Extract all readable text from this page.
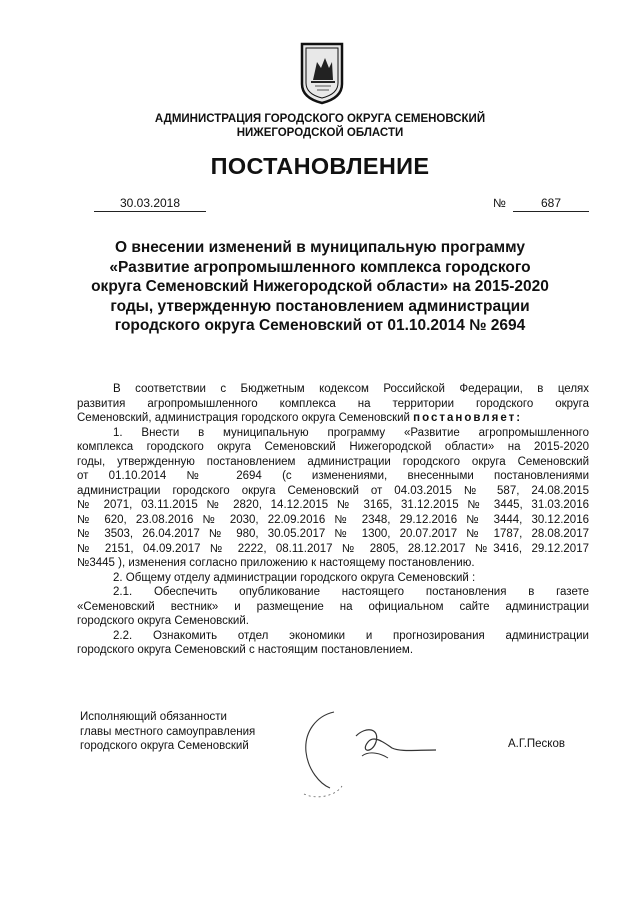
АДМИНИСТРАЦИЯ ГОРОДСКОГО ОКРУГА СЕМЕНОВСКИЙ
НИЖЕГОРОДСКОЙ ОБЛАСТИ
ПОСТАНОВЛЕНИЕ
30.03.2018	№	687
О внесении изменений в муниципальную программу
«Развитие агропромышленного комплекса городского
округа Семеновский Нижегородской области» на 2015-2020
годы, утвержденную постановлением администрации
городского округа Семеновский от 01.10.2014 № 2694

В соответствии с Бюджетным кодексом Российской Федерации, в целях

развития агропромышленного комплекса на территории городского округа

Семеновский, администрация городского округа Семеновский постановляет:

1. Внести в муниципальную программу «Развитие агропромышленного

комплекса городского округа Семеновский Нижегородской области» на 2015-2020

годы, утвержденную постановлением администрации городского округа Семеновский

от 01.10.2014 № 2694 (с изменениями, внесенными постановлениями

администрации городского округа Семеновский от 04.03.2015 № 587, 24.08.2015

№ 2071, 03.11.2015 № 2820, 14.12.2015 № 3165, 31.12.2015 № 3445, 31.03.2016

№ 620, 23.08.2016 № 2030, 22.09.2016 № 2348, 29.12.2016 № 3444, 30.12.2016

№ 3503, 26.04.2017 № 980, 30.05.2017 № 1300, 20.07.2017 № 1787, 28.08.2017

№ 2151, 04.09.2017 № 2222, 08.11.2017 № 2805, 28.12.2017 №3416, 29.12.2017

№3445 ), изменения согласно приложению к настоящему постановлению.

2. Общему отделу администрации городского округа Семеновский :

2.1. Обеспечить опубликование настоящего постановления в газете

«Семеновский вестник» и размещение на официальном сайте администрации

городского округа Семеновский.

2.2. Ознакомить отдел экономики и прогнозирования администрации

городского округа Семеновский с настоящим постановлением.

Исполняющий обязанности
главы местного самоуправления
городского округа Семеновский	А.Г.Песков
